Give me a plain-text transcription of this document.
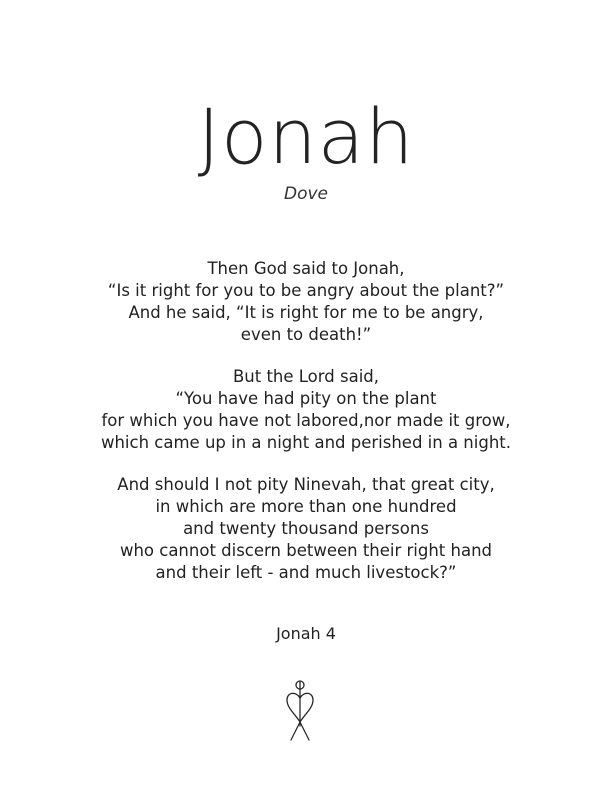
Jonah
Dove
Then God said to Jonah,
“Is it right for you to be angry about the plant?”
And he said, “It is right for me to be angry,
even to death!”
But the Lord said,
“You have had pity on the plant
for which you have not labored,nor made it grow,
which came up in a night and perished in a night.
And should I not pity Ninevah, that great city,
in which are more than one hundred
and twenty thousand persons
who cannot discern between their right hand
and their left - and much livestock?”
Jonah 4
